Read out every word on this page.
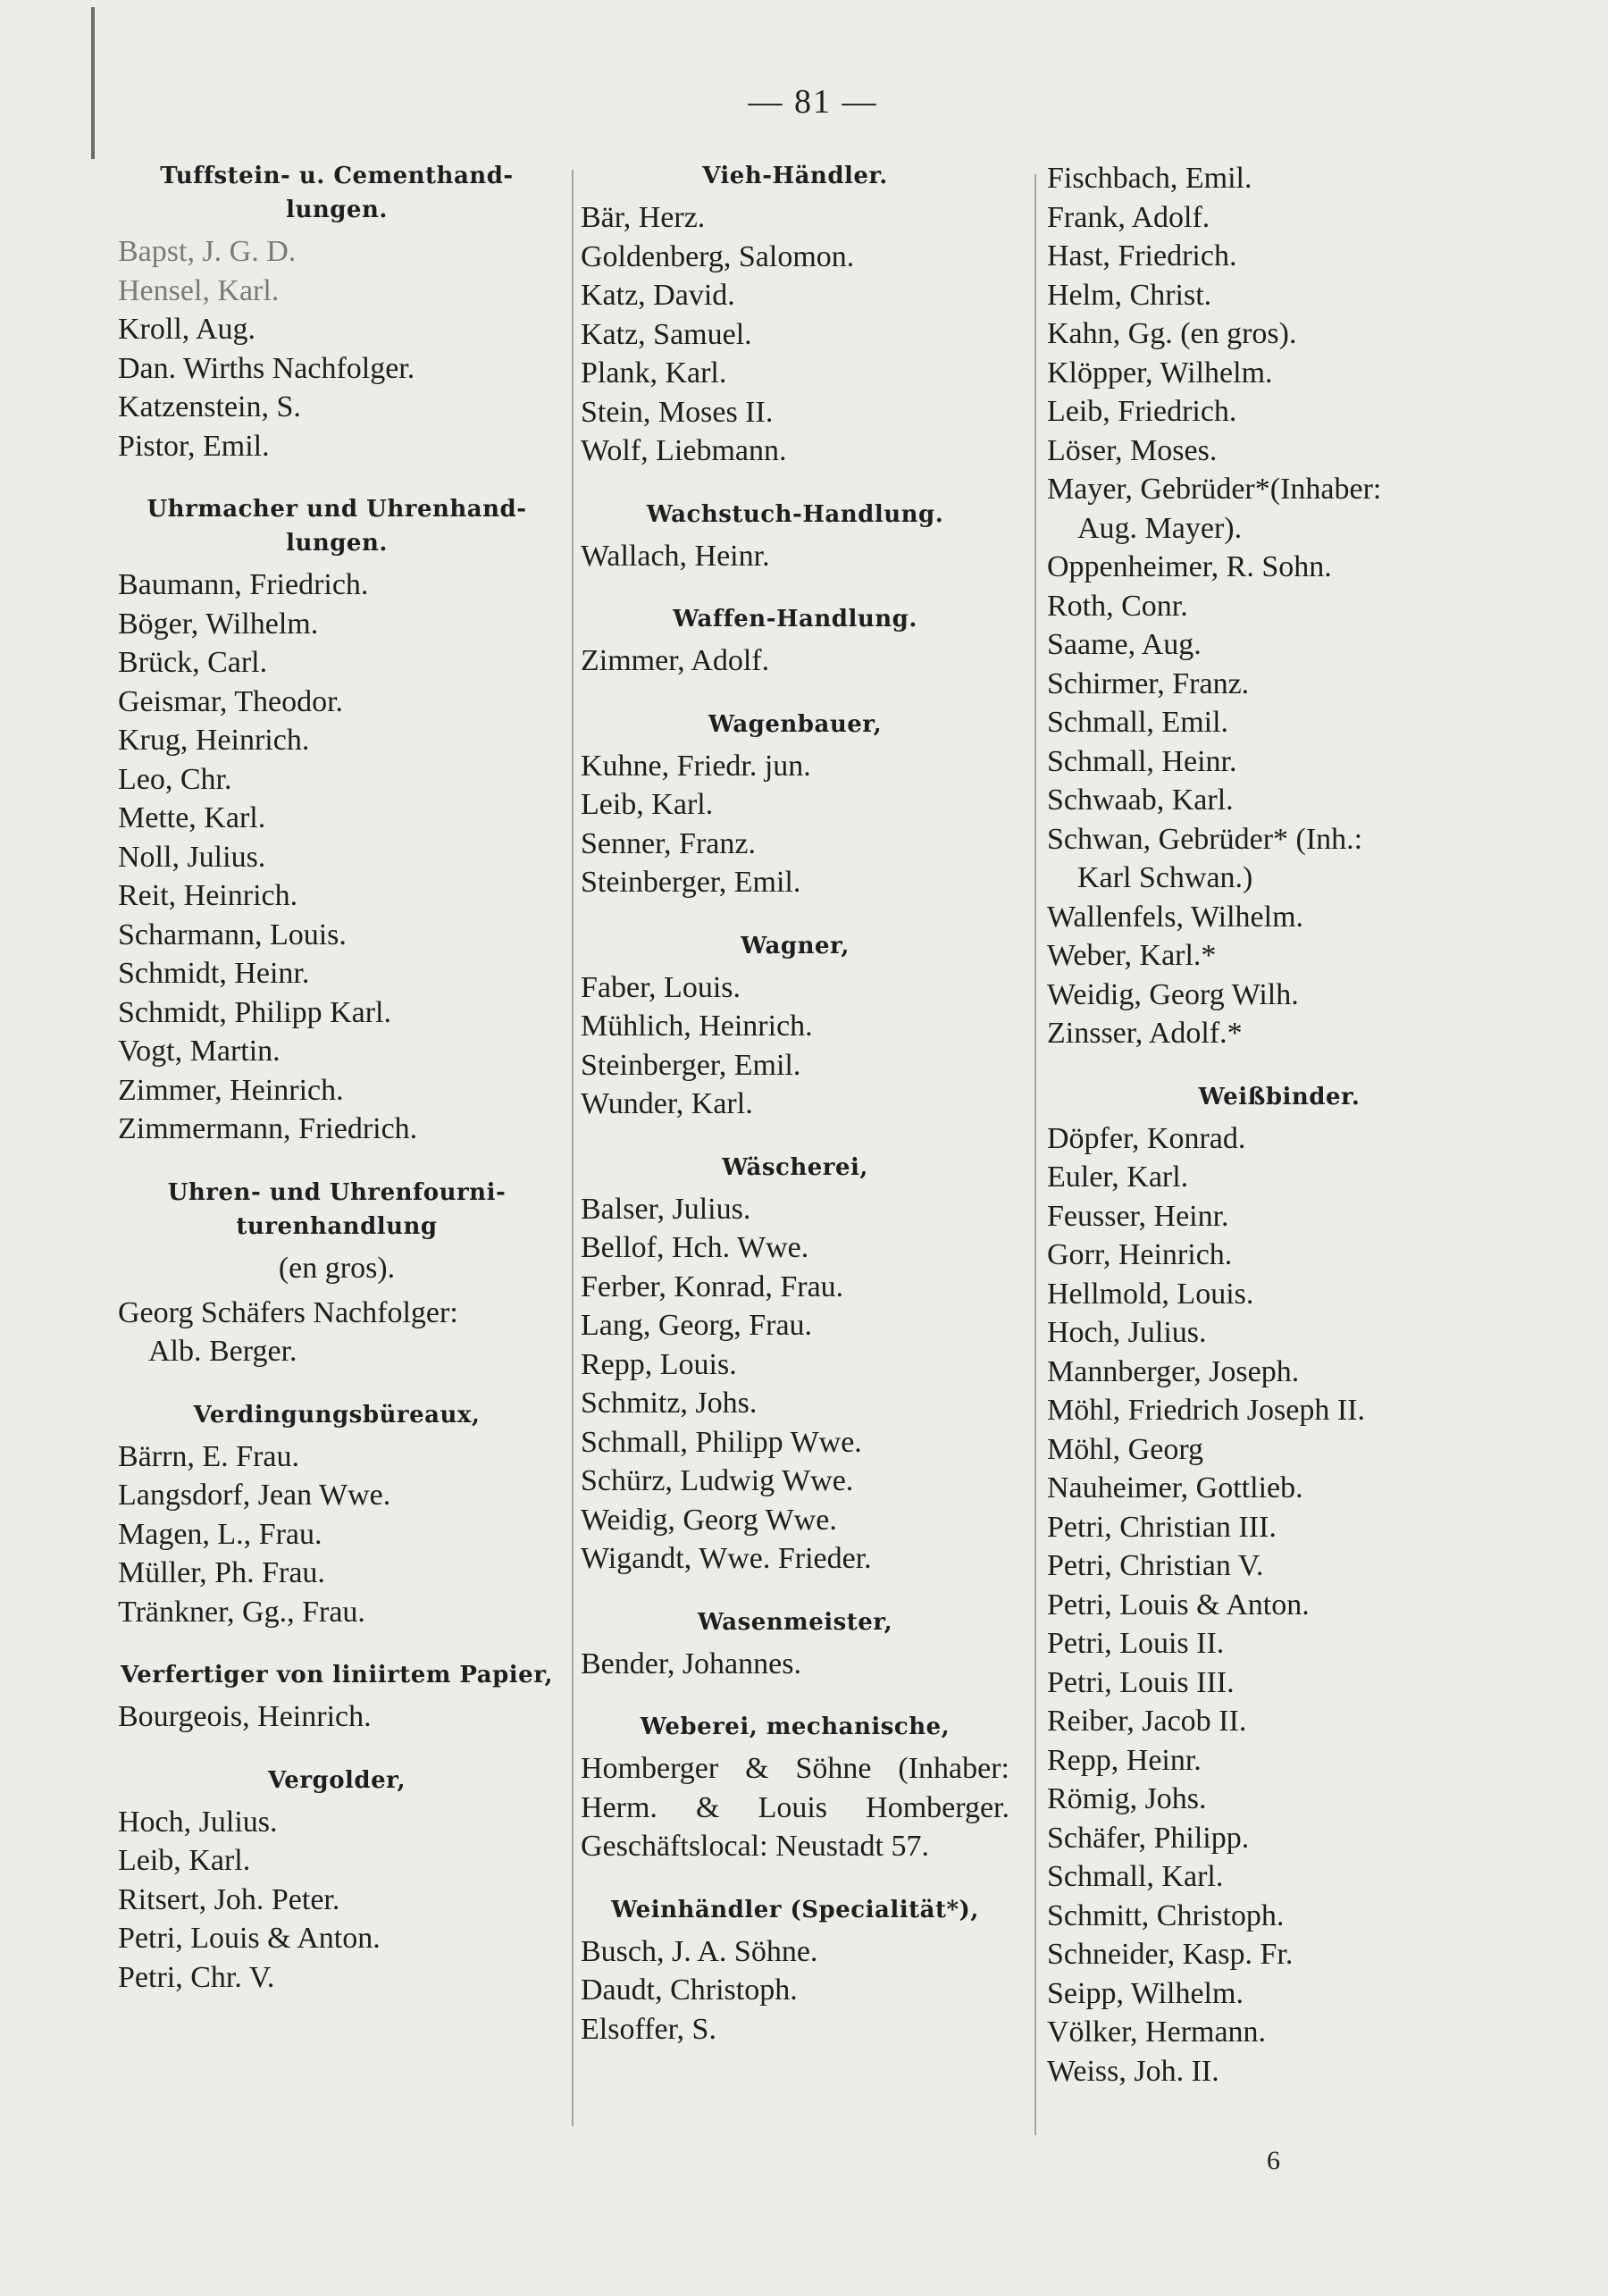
— 81 —
Tuffstein- u. Cementhand-lungen.
Bapst, J. G. D.
Hensel, Karl.
Kroll, Aug.
Dan. Wirths Nachfolger.
Katzenstein, S.
Pistor, Emil.
Uhrmacher und Uhrenhand-lungen.
Baumann, Friedrich.
Böger, Wilhelm.
Brück, Carl.
Geismar, Theodor.
Krug, Heinrich.
Leo, Chr.
Mette, Karl.
Noll, Julius.
Reit, Heinrich.
Scharmann, Louis.
Schmidt, Heinr.
Schmidt, Philipp Karl.
Vogt, Martin.
Zimmer, Heinrich.
Zimmermann, Friedrich.
Uhren- und Uhrenfourni-turenhandlung
(en gros).
Georg Schäfers Nachfolger:
Alb. Berger.
Verdingungsbüreaux,
Bärrn, E. Frau.
Langsdorf, Jean Wwe.
Magen, L., Frau.
Müller, Ph. Frau.
Tränkner, Gg., Frau.
Verfertiger von liniirtem Papier,
Bourgeois, Heinrich.
Vergolder,
Hoch, Julius.
Leib, Karl.
Ritsert, Joh. Peter.
Petri, Louis & Anton.
Petri, Chr. V.
Vieh-Händler.
Bär, Herz.
Goldenberg, Salomon.
Katz, David.
Katz, Samuel.
Plank, Karl.
Stein, Moses II.
Wolf, Liebmann.
Wachstuch-Handlung.
Wallach, Heinr.
Waffen-Handlung.
Zimmer, Adolf.
Wagenbauer,
Kuhne, Friedr. jun.
Leib, Karl.
Senner, Franz.
Steinberger, Emil.
Wagner,
Faber, Louis.
Mühlich, Heinrich.
Steinberger, Emil.
Wunder, Karl.
Wäscherei,
Balser, Julius.
Bellof, Hch. Wwe.
Ferber, Konrad, Frau.
Lang, Georg, Frau.
Repp, Louis.
Schmitz, Johs.
Schmall, Philipp Wwe.
Schürz, Ludwig Wwe.
Weidig, Georg Wwe.
Wigandt, Wwe. Frieder.
Wasenmeister,
Bender, Johannes.
Weberei, mechanische,
Homberger & Söhne (Inhaber: Herm. & Louis Homberger. Geschäftslocal: Neustadt 57.
Weinhändler (Specialität*),
Busch, J. A. Söhne.
Daudt, Christoph.
Elsoffer, S.
Fischbach, Emil.
Frank, Adolf.
Hast, Friedrich.
Helm, Christ.
Kahn, Gg. (en gros).
Klöpper, Wilhelm.
Leib, Friedrich.
Löser, Moses.
Mayer, Gebrüder*(Inhaber:
Aug. Mayer).
Oppenheimer, R. Sohn.
Roth, Conr.
Saame, Aug.
Schirmer, Franz.
Schmall, Emil.
Schmall, Heinr.
Schwaab, Karl.
Schwan, Gebrüder* (Inh.:
Karl Schwan.)
Wallenfels, Wilhelm.
Weber, Karl.*
Weidig, Georg Wilh.
Zinsser, Adolf.*
Weißbinder.
Döpfer, Konrad.
Euler, Karl.
Feusser, Heinr.
Gorr, Heinrich.
Hellmold, Louis.
Hoch, Julius.
Mannberger, Joseph.
Möhl, Friedrich Joseph II.
Möhl, Georg
Nauheimer, Gottlieb.
Petri, Christian III.
Petri, Christian V.
Petri, Louis & Anton.
Petri, Louis II.
Petri, Louis III.
Reiber, Jacob II.
Repp, Heinr.
Römig, Johs.
Schäfer, Philipp.
Schmall, Karl.
Schmitt, Christoph.
Schneider, Kasp. Fr.
Seipp, Wilhelm.
Völker, Hermann.
Weiss, Joh. II.
6
